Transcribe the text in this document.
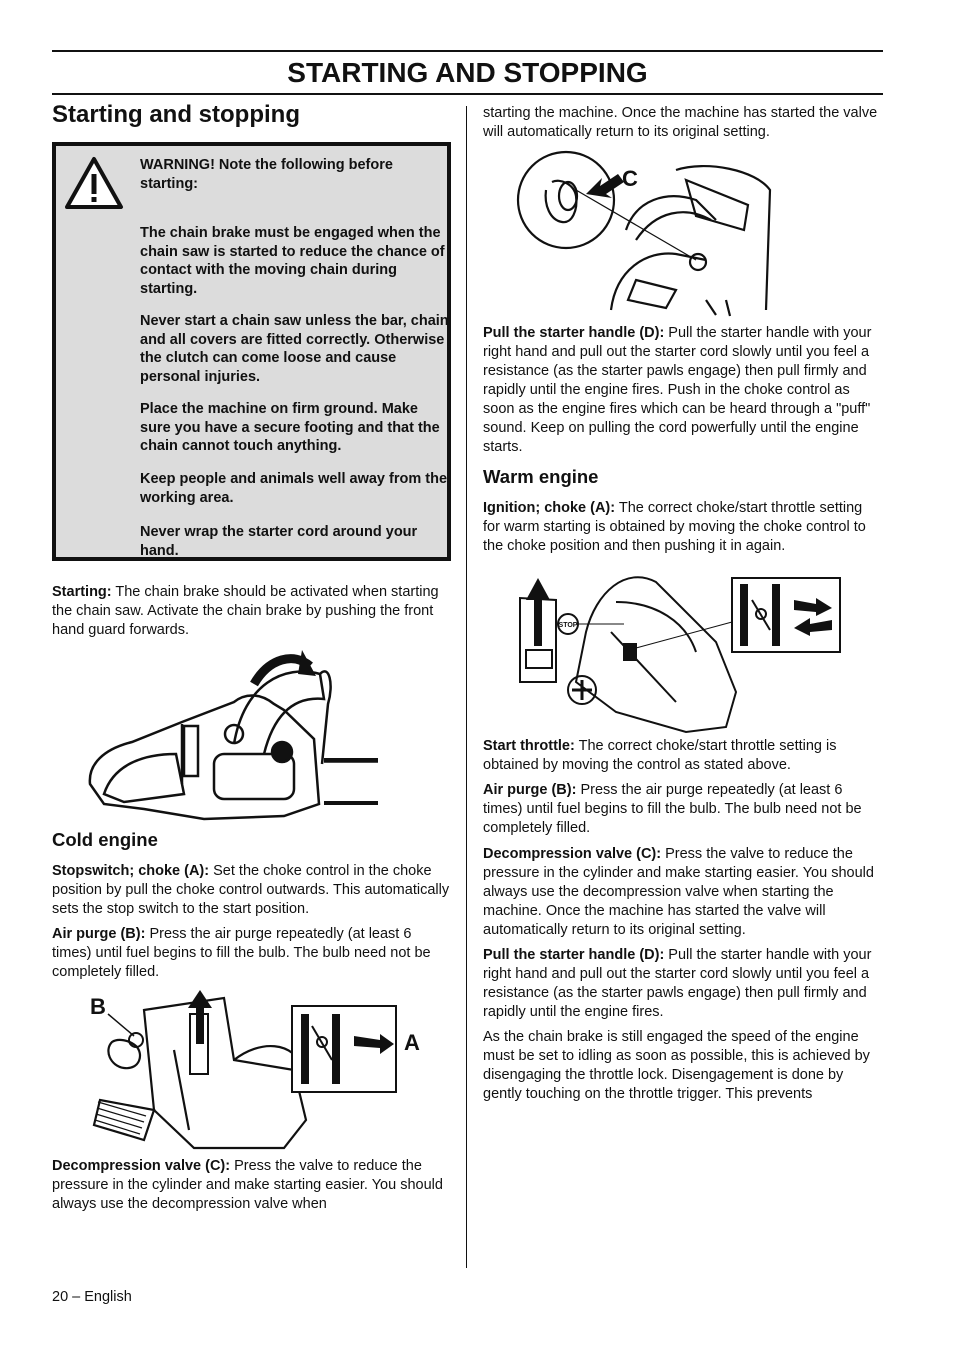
STARTING AND STOPPING
Starting and stopping

WARNING! Note the following before starting:

The chain brake must be engaged when the chain saw is started to reduce the chance of contact with the moving chain during starting.

Never start a chain saw unless the bar, chain and all covers are fitted correctly. Otherwise the clutch can come loose and cause personal injuries.

Place the machine on firm ground. Make sure you have a secure footing and that the chain cannot touch anything.

Keep people and animals well away from the working area.

Never wrap the starter cord around your hand.

Starting: The chain brake should be activated when starting the chain saw. Activate the chain brake by pushing the front hand guard forwards.

Cold engine

Stopswitch; choke (A): Set the choke control in the choke position by pull the choke control outwards. This automatically sets the stop switch to the start position.

Air purge (B): Press the air purge repeatedly (at least 6 times) until fuel begins to fill the bulb. The bulb need not be completely filled.

B
A

Decompression valve (C): Press the valve to reduce the pressure in the cylinder and make starting easier. You should always use the decompression valve when

starting the machine. Once the machine has started the valve will automatically return to its original setting.

C

Pull the starter handle (D): Pull the starter handle with your right hand and pull out the starter cord slowly until you feel a resistance (as the starter pawls engage) then pull firmly and rapidly until the engine fires. Push in the choke control as soon as the engine fires which can be heard through a "puff" sound. Keep on pulling the cord powerfully until the engine starts.

Warm engine

Ignition; choke (A): The correct choke/start throttle setting for warm starting is obtained by moving the choke control to the choke position and then pushing it in again.

STOP

Start throttle: The correct choke/start throttle setting is obtained by moving the control as stated above.

Air purge (B): Press the air purge repeatedly (at least 6 times) until fuel begins to fill the bulb. The bulb need not be completely filled.

Decompression valve (C): Press the valve to reduce the pressure in the cylinder and make starting easier. You should always use the decompression valve when starting the machine. Once the machine has started the valve will automatically return to its original setting.

Pull the starter handle (D): Pull the starter handle with your right hand and pull out the starter cord slowly until you feel a resistance (as the starter pawls engage) then pull firmly and rapidly until the engine fires.

As the chain brake is still engaged the speed of the engine must be set to idling as soon as possible, this is achieved by disengaging the throttle lock. Disengagement is done by gently touching on the throttle trigger. This prevents

20 – English
